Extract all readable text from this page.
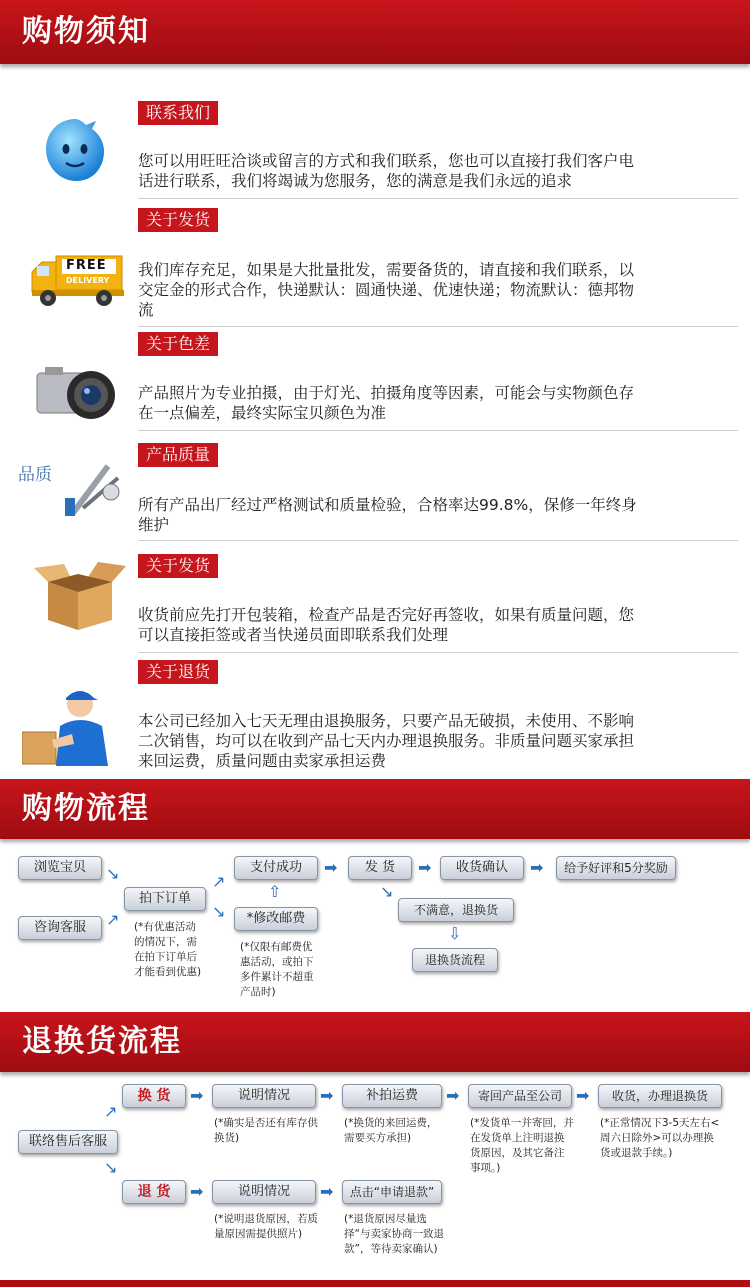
购物须知
联系我们
您可以用旺旺洽谈或留言的方式和我们联系，您也可以直接打我们客户电话进行联系，我们将竭诚为您服务，您的满意是我们永远的追求
FREE
DELIVERY
关于发货
我们库存充足，如果是大批量批发，需要备货的，请直接和我们联系，以交定金的形式合作，快递默认：圆通快递、优速快递；物流默认：德邦物流
关于色差
产品照片为专业拍摄，由于灯光、拍摄角度等因素，可能会与实物颜色存在一点偏差，最终实际宝贝颜色为准
品质
产品质量
所有产品出厂经过严格测试和质量检验，合格率达99.8%，保修一年终身维护
关于发货
收货前应先打开包装箱，检查产品是否完好再签收，如果有质量问题，您可以直接拒签或者当快递员面即联系我们处理
关于退货
本公司已经加入七天无理由退换服务，只要产品无破损，未使用、不影响二次销售，均可以在收到产品七天内办理退换服务。非质量问题买家承担来回运费，质量问题由卖家承担运费
购物流程
浏览宝贝
咨询客服
↘
↗
拍下订单
(*有优惠活动的情况下，需在拍下订单后才能看到优惠)
↗
↘
支付成功
⇧
*修改邮费
(*仅限有邮费优惠活动，或拍下多件累计不超重产品时)
➡	发 货	➡	收货确认	➡	给予好评和5分奖励
↘
不满意，退换货
⇩
退换货流程
退换货流程
联络售后客服
↗
↘
换 货	➡	说明情况
(*确实是否还有库存供换货)
➡	补拍运费
(*换货的来回运费，需要买方承担)
➡	寄回产品至公司
(*发货单一并寄回，并在发货单上注明退换货原因，及其它备注事项。)
➡	收货，办理退换货
(*正常情况下3-5天左右<周六日除外>可以办理换货或退款手续。)
退 货	➡	说明情况
(*说明退货原因，若质量原因需提供照片)
➡	点击“申请退款”
(*退货原因尽量选择“与卖家协商一致退款”，等待卖家确认)
